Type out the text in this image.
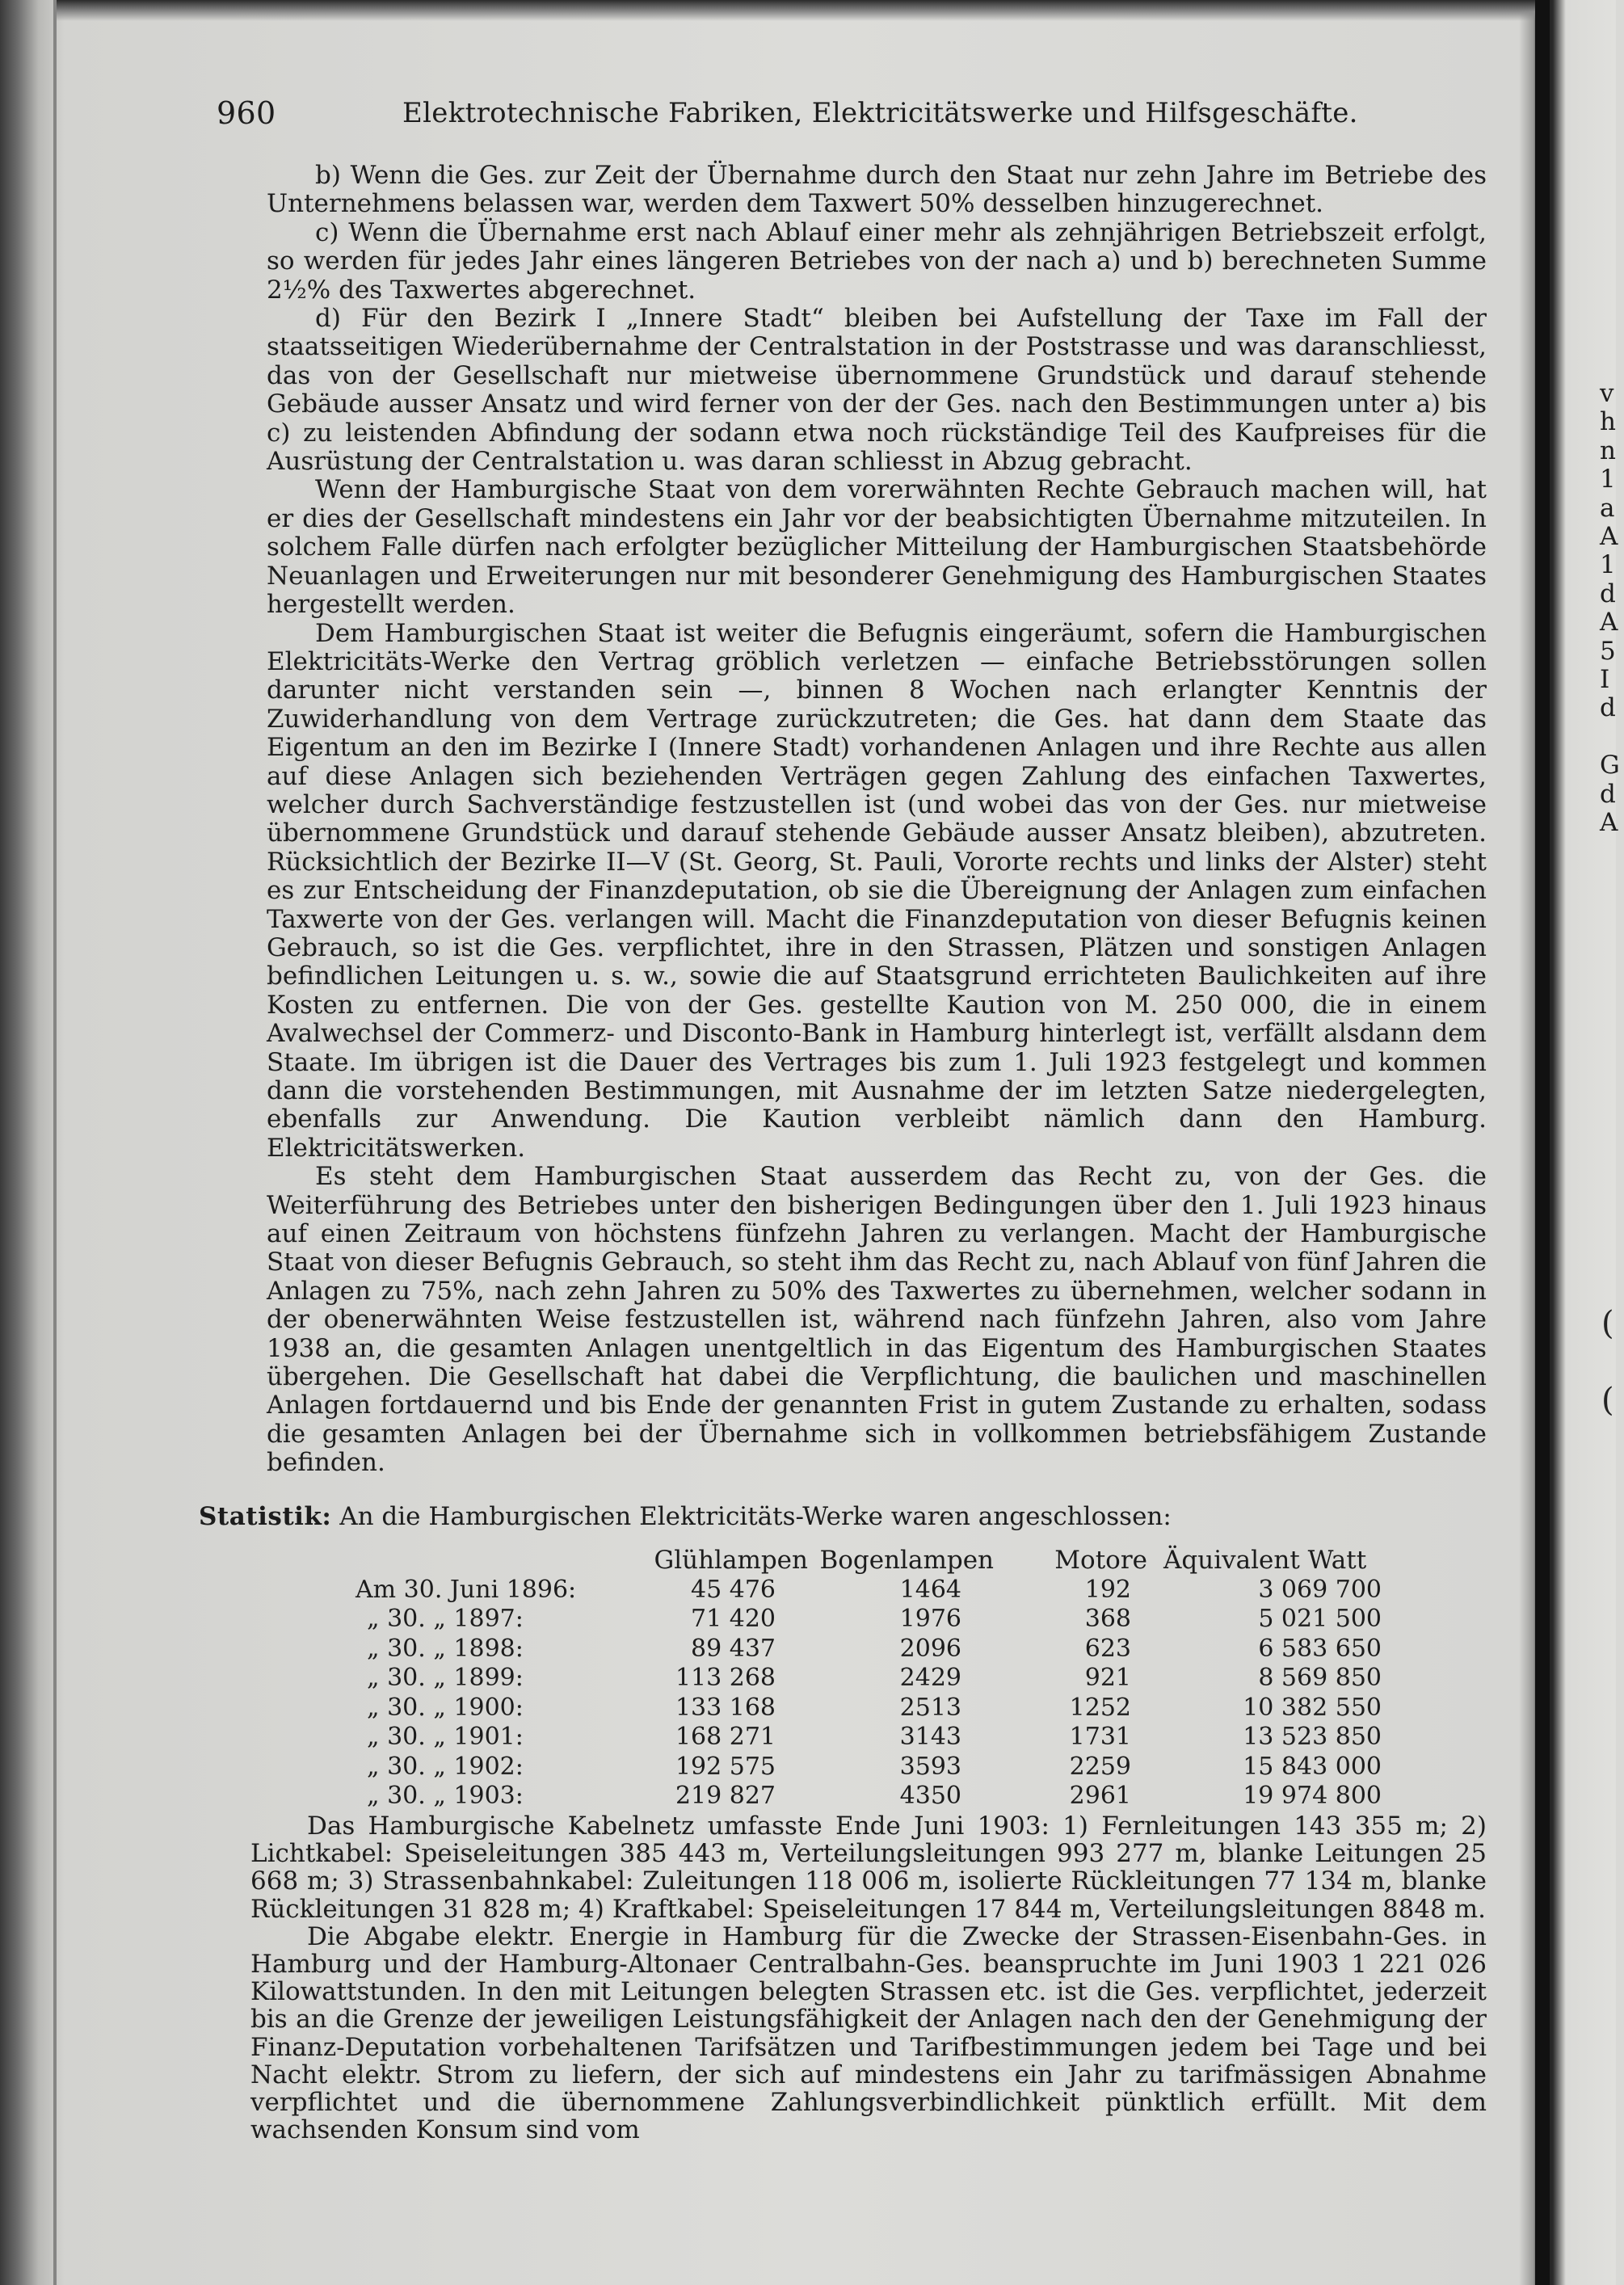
960	Elektrotechnische Fabriken, Elektricitätswerke und Hilfsgeschäfte.

b) Wenn die Ges. zur Zeit der Übernahme durch den Staat nur zehn Jahre im Betriebe des Unternehmens belassen war, werden dem Taxwert 50% desselben hinzugerechnet.

c) Wenn die Übernahme erst nach Ablauf einer mehr als zehnjährigen Betriebszeit erfolgt, so werden für jedes Jahr eines längeren Betriebes von der nach a) und b) berechneten Summe 2½% des Taxwertes abgerechnet.

d) Für den Bezirk I „Innere Stadt“ bleiben bei Aufstellung der Taxe im Fall der staatsseitigen Wiederübernahme der Centralstation in der Poststrasse und was daranschliesst, das von der Gesellschaft nur mietweise übernommene Grundstück und darauf stehende Gebäude ausser Ansatz und wird ferner von der der Ges. nach den Bestimmungen unter a) bis c) zu leistenden Abfindung der sodann etwa noch rückständige Teil des Kaufpreises für die Ausrüstung der Centralstation u. was daran schliesst in Abzug gebracht.

Wenn der Hamburgische Staat von dem vorerwähnten Rechte Gebrauch machen will, hat er dies der Gesellschaft mindestens ein Jahr vor der beabsichtigten Übernahme mitzuteilen. In solchem Falle dürfen nach erfolgter bezüglicher Mitteilung der Hamburgischen Staatsbehörde Neuanlagen und Erweiterungen nur mit besonderer Genehmigung des Hamburgischen Staates hergestellt werden.

Dem Hamburgischen Staat ist weiter die Befugnis eingeräumt, sofern die Hamburgischen Elektricitäts-Werke den Vertrag gröblich verletzen — einfache Betriebsstörungen sollen darunter nicht verstanden sein —, binnen 8 Wochen nach erlangter Kenntnis der Zuwiderhandlung von dem Vertrage zurückzutreten; die Ges. hat dann dem Staate das Eigentum an den im Bezirke I (Innere Stadt) vorhandenen Anlagen und ihre Rechte aus allen auf diese Anlagen sich beziehenden Verträgen gegen Zahlung des einfachen Taxwertes, welcher durch Sachverständige festzustellen ist (und wobei das von der Ges. nur mietweise übernommene Grundstück und darauf stehende Gebäude ausser Ansatz bleiben), abzutreten. Rücksichtlich der Bezirke II—V (St. Georg, St. Pauli, Vororte rechts und links der Alster) steht es zur Entscheidung der Finanzdeputation, ob sie die Übereignung der Anlagen zum einfachen Taxwerte von der Ges. verlangen will. Macht die Finanzdeputation von dieser Befugnis keinen Gebrauch, so ist die Ges. verpflichtet, ihre in den Strassen, Plätzen und sonstigen Anlagen befindlichen Leitungen u. s. w., sowie die auf Staatsgrund errichteten Baulichkeiten auf ihre Kosten zu entfernen. Die von der Ges. gestellte Kaution von M. 250 000, die in einem Avalwechsel der Commerz- und Disconto-Bank in Hamburg hinterlegt ist, verfällt alsdann dem Staate. Im übrigen ist die Dauer des Vertrages bis zum 1. Juli 1923 festgelegt und kommen dann die vorstehenden Bestimmungen, mit Ausnahme der im letzten Satze niedergelegten, ebenfalls zur Anwendung. Die Kaution verbleibt nämlich dann den Hamburg. Elektricitätswerken.

Es steht dem Hamburgischen Staat ausserdem das Recht zu, von der Ges. die Weiterführung des Betriebes unter den bisherigen Bedingungen über den 1. Juli 1923 hinaus auf einen Zeitraum von höchstens fünfzehn Jahren zu verlangen. Macht der Hamburgische Staat von dieser Befugnis Gebrauch, so steht ihm das Recht zu, nach Ablauf von fünf Jahren die Anlagen zu 75%, nach zehn Jahren zu 50% des Taxwertes zu übernehmen, welcher sodann in der obenerwähnten Weise festzustellen ist, während nach fünfzehn Jahren, also vom Jahre 1938 an, die gesamten Anlagen unentgeltlich in das Eigentum des Hamburgischen Staates übergehen. Die Gesellschaft hat dabei die Verpflichtung, die baulichen und maschinellen Anlagen fortdauernd und bis Ende der genannten Frist in gutem Zustande zu erhalten, sodass die gesamten Anlagen bei der Übernahme sich in vollkommen betriebsfähigem Zustande befinden.

Statistik: An die Hamburgischen Elektricitäts-Werke waren angeschlossen:
Glühlampen Bogenlampen	Motore Äquivalent Watt
Am 30. Juni 1896:	45 476	1464	192	3 069 700
„ 30. „ 1897:	71 420	1976	368	5 021 500
„ 30. „ 1898:	89 437	2096	623	6 583 650
„ 30. „ 1899:	113 268	2429	921	8 569 850
„ 30. „ 1900:	133 168	2513	1252	10 382 550
„ 30. „ 1901:	168 271	3143	1731	13 523 850
„ 30. „ 1902:	192 575	3593	2259	15 843 000
„ 30. „ 1903:	219 827	4350	2961	19 974 800

Das Hamburgische Kabelnetz umfasste Ende Juni 1903: 1) Fernleitungen 143 355 m; 2) Lichtkabel: Speiseleitungen 385 443 m, Verteilungsleitungen 993 277 m, blanke Leitungen 25 668 m; 3) Strassenbahnkabel: Zuleitungen 118 006 m, isolierte Rückleitungen 77 134 m, blanke Rückleitungen 31 828 m; 4) Kraftkabel: Speiseleitungen 17 844 m, Verteilungsleitungen 8848 m.

Die Abgabe elektr. Energie in Hamburg für die Zwecke der Strassen-Eisenbahn-Ges. in Hamburg und der Hamburg-Altonaer Centralbahn-Ges. beanspruchte im Juni 1903 1 221 026 Kilowattstunden. In den mit Leitungen belegten Strassen etc. ist die Ges. verpflichtet, jederzeit bis an die Grenze der jeweiligen Leistungsfähigkeit der Anlagen nach den der Genehmigung der Finanz-Deputation vorbehaltenen Tarifsätzen und Tarifbestimmungen jedem bei Tage und bei Nacht elektr. Strom zu liefern, der sich auf mindestens ein Jahr zu tarifmässigen Abnahme verpflichtet und die übernommene Zahlungsverbindlichkeit pünktlich erfüllt. Mit dem wachsenden Konsum sind vom

v
h
n
1
a
A
1
d
A
5
I
d

G
d
A
(
(
